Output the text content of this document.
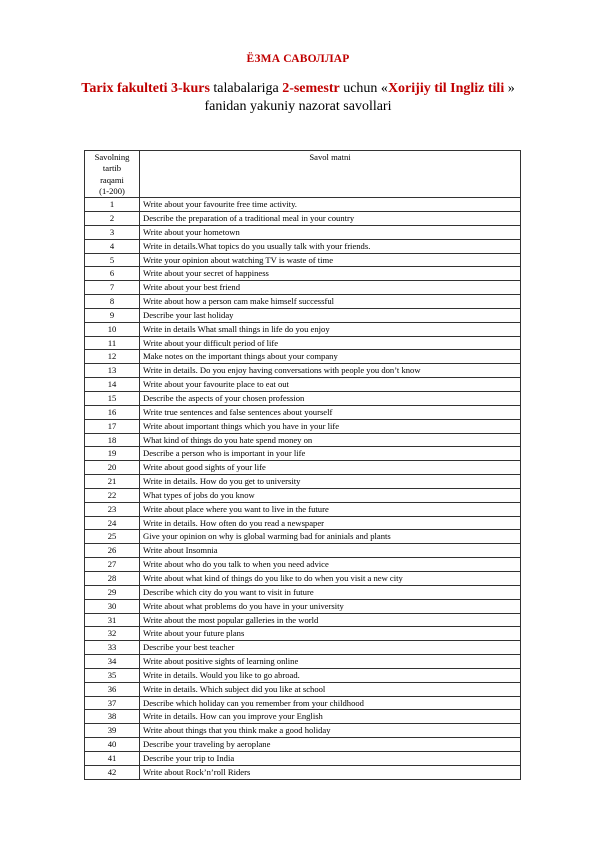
ЁЗМА САВОЛЛАР
Tarix fakulteti 3-kurs talabalariga 2-semestr uchun «Xorijiy til Ingliz tili »
fanidan yakuniy nazorat savollari
Savolning
tartib
raqami
(1-200)	Savol matni
1	Write about your favourite free time activity.
2	Describe the preparation of a traditional meal in your country
3	Write about your hometown
4	Write in details.What topics do you usually talk with your friends.
5	Write your opinion about watching TV is waste of time
6	Write about your secret of happiness
7	Write about your best friend
8	Write about how a person cam make himself successful
9	Describe your last holiday
10	Write in details What small things in life do you enjoy
11	Write about your difficult period of life
12	Make notes on the important things about your company
13	Write in details. Do you enjoy having conversations with people you don’t know
14	Write about your favourite place to eat out
15	Describe the aspects of your chosen profession
16	Write true sentences and false sentences about yourself
17	Write about important things which you have in your life
18	What kind of things do you hate spend money on
19	Describe a person who is important in your life
20	Write about good sights of your life
21	Write in details. How do you get to university
22	What types of jobs do you know
23	Write about place where you want to live in the future
24	Write in details. How often do you read a newspaper
25	Give your opinion on why is global warming bad for aninials and plants
26	Write about Insomnia
27	Write about who do you talk to when you need advice
28	Write about what kind of things do you like to do when you visit a new city
29	Describe which city do you want to visit in future
30	Write about what problems do you have in your university
31	Write about the most popular galleries in the world
32	Write about your future plans
33	Describe your best teacher
34	Write about positive sights of learning online
35	Write in details. Would you like to go abroad.
36	Write in details. Which subject did you like at school
37	Describe which holiday can you remember from your childhood
38	Write in details. How can you improve your English
39	Write about things that you think make a good holiday
40	Describe your traveling by aeroplane
41	Describe your trip to India
42	Write about Rock’n’roll Riders
